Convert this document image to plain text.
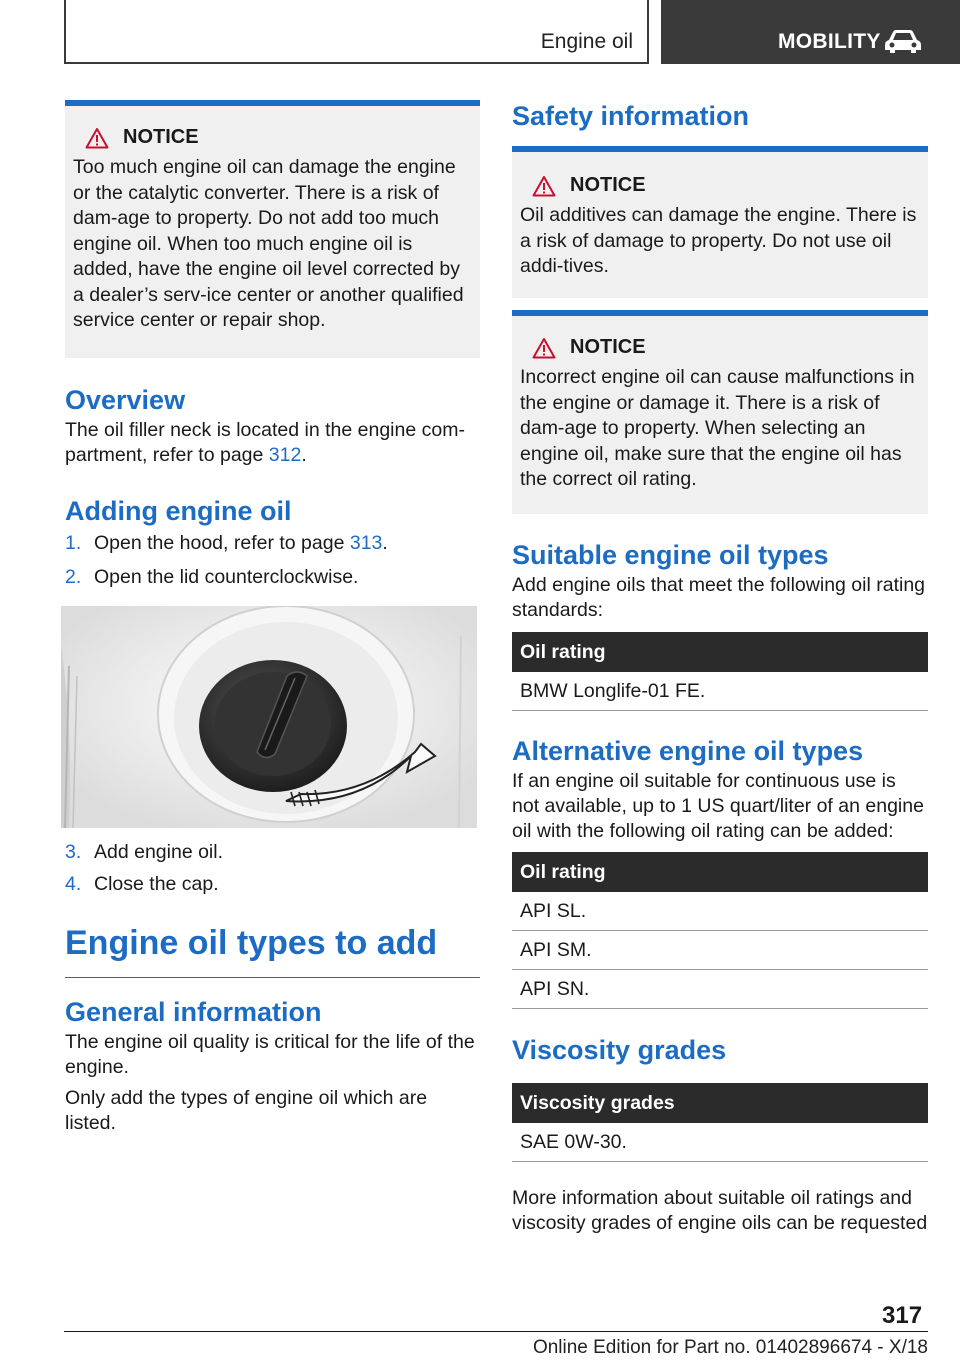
Engine oil	MOBILITY
NOTICE
Too much engine oil can damage the engine or the catalytic converter. There is a risk of dam‐age to property. Do not add too much engine oil. When too much engine oil is added, have the engine oil level corrected by a dealer’s serv‐ice center or another qualified service center or repair shop.
Overview
The oil filler neck is located in the engine com‐partment, refer to page 312.
Adding engine oil
1. Open the hood, refer to page 313.
2. Open the lid counterclockwise.
3. Add engine oil.
4. Close the cap.
Engine oil types to add
General information
The engine oil quality is critical for the life of the engine.
Only add the types of engine oil which are listed.
Safety information
NOTICE
Oil additives can damage the engine. There is a risk of damage to property. Do not use oil addi‐tives.
NOTICE
Incorrect engine oil can cause malfunctions in the engine or damage it. There is a risk of dam‐age to property. When selecting an engine oil, make sure that the engine oil has the correct oil rating.
Suitable engine oil types
Add engine oils that meet the following oil rating standards:
Oil rating
BMW Longlife-01 FE.
Alternative engine oil types
If an engine oil suitable for continuous use is not available, up to 1 US quart/liter of an engine oil with the following oil rating can be added:
Oil rating
API SL.
API SM.
API SN.
Viscosity grades
Viscosity grades
SAE 0W-30.
More information about suitable oil ratings and viscosity grades of engine oils can be requested
317
Online Edition for Part no. 01402896674 - X/18
